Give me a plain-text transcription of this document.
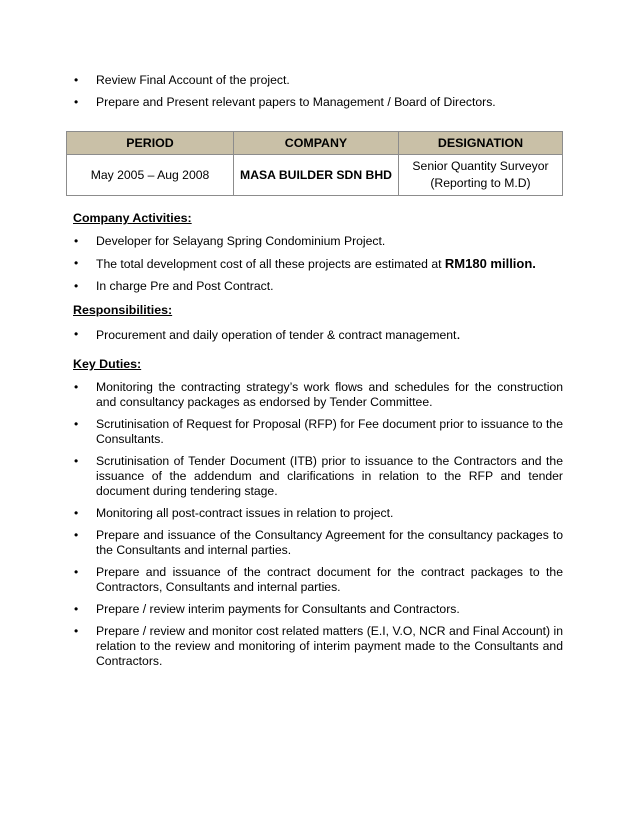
• Review Final Account of the project.
• Prepare and Present relevant papers to Management / Board of Directors.
PERIOD	COMPANY	DESIGNATION
May 2005 – Aug 2008	MASA BUILDER SDN BHD	Senior Quantity Surveyor
(Reporting to M.D)
Company Activities:
• Developer for Selayang Spring Condominium Project.
• The total development cost of all these projects are estimated at RM180 million.
• In charge Pre and Post Contract.
Responsibilities:
• Procurement and daily operation of tender & contract management.
Key Duties:
• Monitoring the contracting strategy’s work flows and schedules for the construction and consultancy packages as endorsed by Tender Committee.
• Scrutinisation of Request for Proposal (RFP) for Fee document prior to issuance to the Consultants.
• Scrutinisation of Tender Document (ITB) prior to issuance to the Contractors and the issuance of the addendum and clarifications in relation to the RFP and tender document during tendering stage.
• Monitoring all post-contract issues in relation to project.
• Prepare and issuance of the Consultancy Agreement for the consultancy packages to the Consultants and internal parties.
• Prepare and issuance of the contract document for the contract packages to the Contractors, Consultants and internal parties.
• Prepare / review interim payments for Consultants and Contractors.
• Prepare / review and monitor cost related matters (E.I, V.O, NCR and Final Account) in relation to the review and monitoring of interim payment made to the Consultants and Contractors.
